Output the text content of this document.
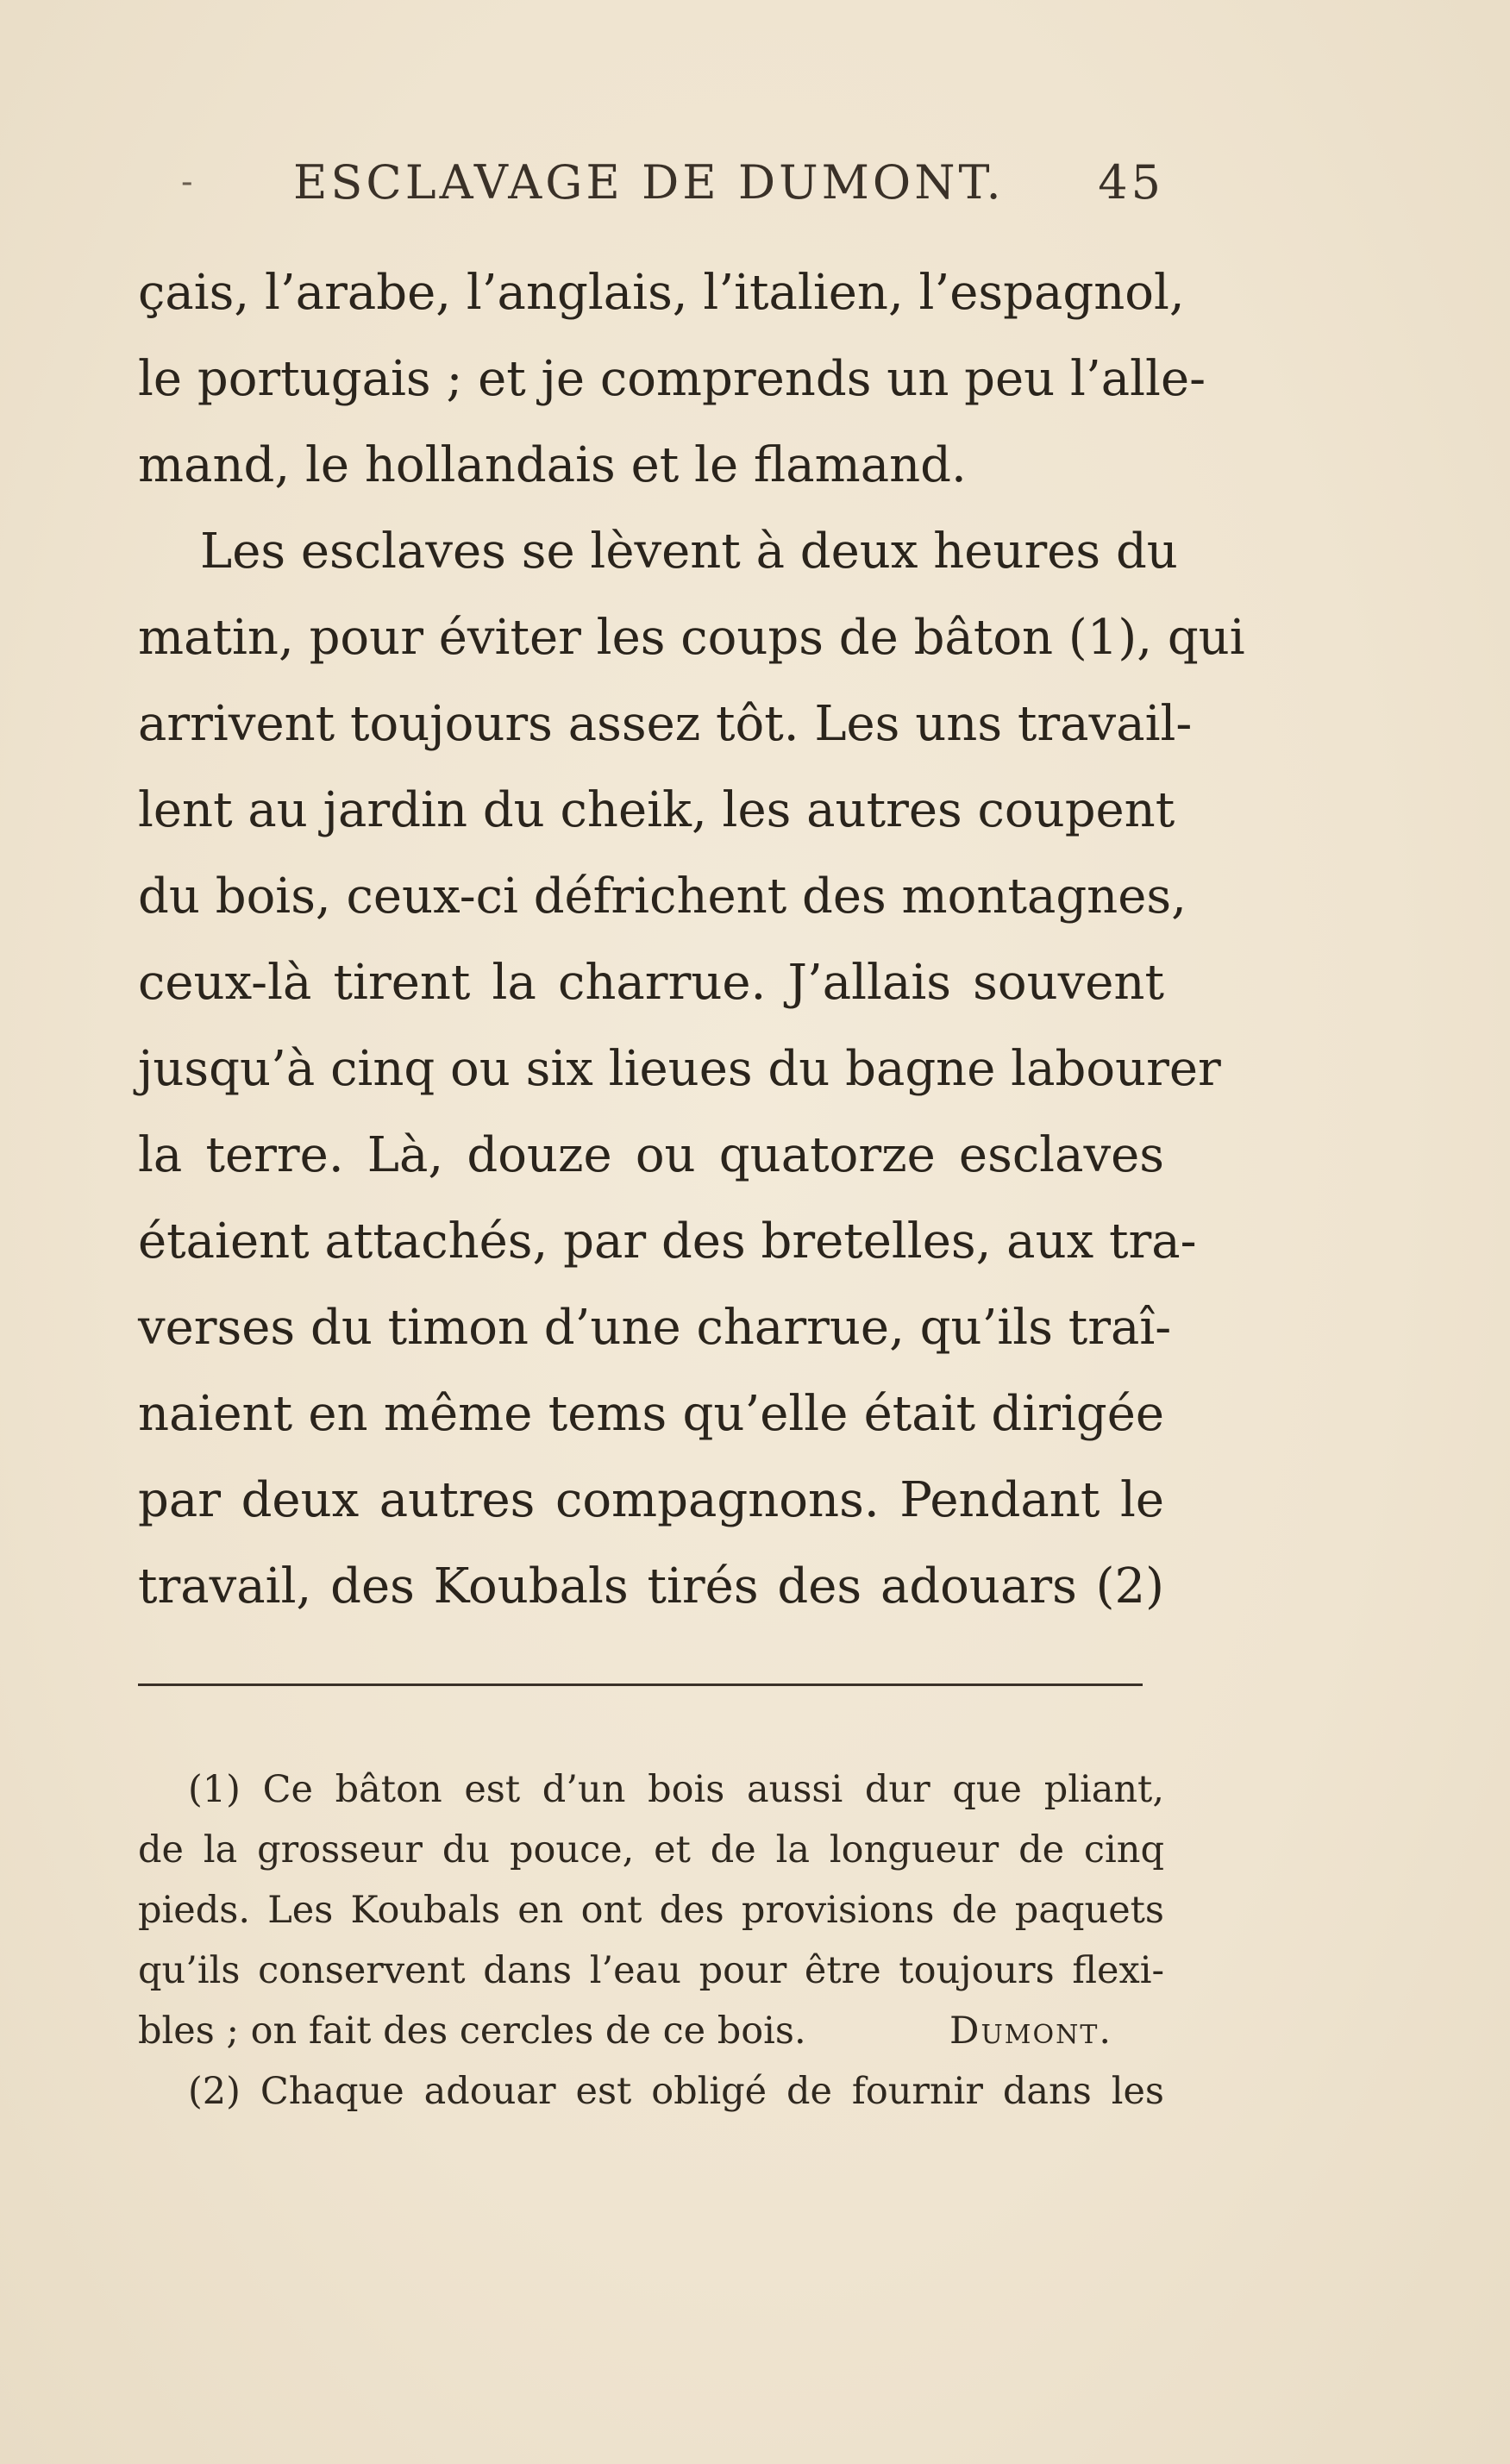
- ESCLAVAGE DE DUMONT. 45
çais, l’arabe, l’anglais, l’italien, l’espagnol,
le portugais ; et je comprends un peu l’alle-
mand, le hollandais et le flamand.
Les esclaves se lèvent à deux heures du
matin, pour éviter les coups de bâton (1), qui
arrivent toujours assez tôt. Les uns travail-
lent au jardin du cheik, les autres coupent
du bois, ceux-ci défrichent des montagnes,
ceux-là tirent la charrue. J’allais souvent
jusqu’à cinq ou six lieues du bagne labourer
la terre. Là, douze ou quatorze esclaves
étaient attachés, par des bretelles, aux tra-
verses du timon d’une charrue, qu’ils traî-
naient en même tems qu’elle était dirigée
par deux autres compagnons. Pendant le
travail, des Koubals tirés des adouars (2)
(1) Ce bâton est d’un bois aussi dur que pliant,
de la grosseur du pouce, et de la longueur de cinq
pieds. Les Koubals en ont des provisions de paquets
qu’ils conservent dans l’eau pour être toujours flexi-
bles ; on fait des cercles de ce bois.	Dumont.
(2) Chaque adouar est obligé de fournir dans les
